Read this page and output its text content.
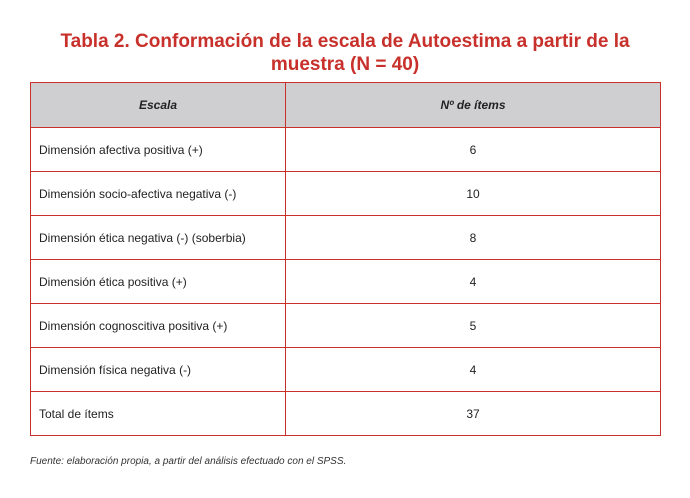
Tabla 2. Conformación de la escala de Autoestima a partir de la
muestra (N = 40)
Escala	Nº de ítems
Dimensión afectiva positiva (+)	6
Dimensión socio-afectiva negativa (-)	10
Dimensión ética negativa (-) (soberbia)	8
Dimensión ética positiva (+)	4
Dimensión cognoscitiva positiva (+)	5
Dimensión física negativa (-)	4
Total de ítems	37
Fuente: elaboración propia, a partir del análisis efectuado con el SPSS.
